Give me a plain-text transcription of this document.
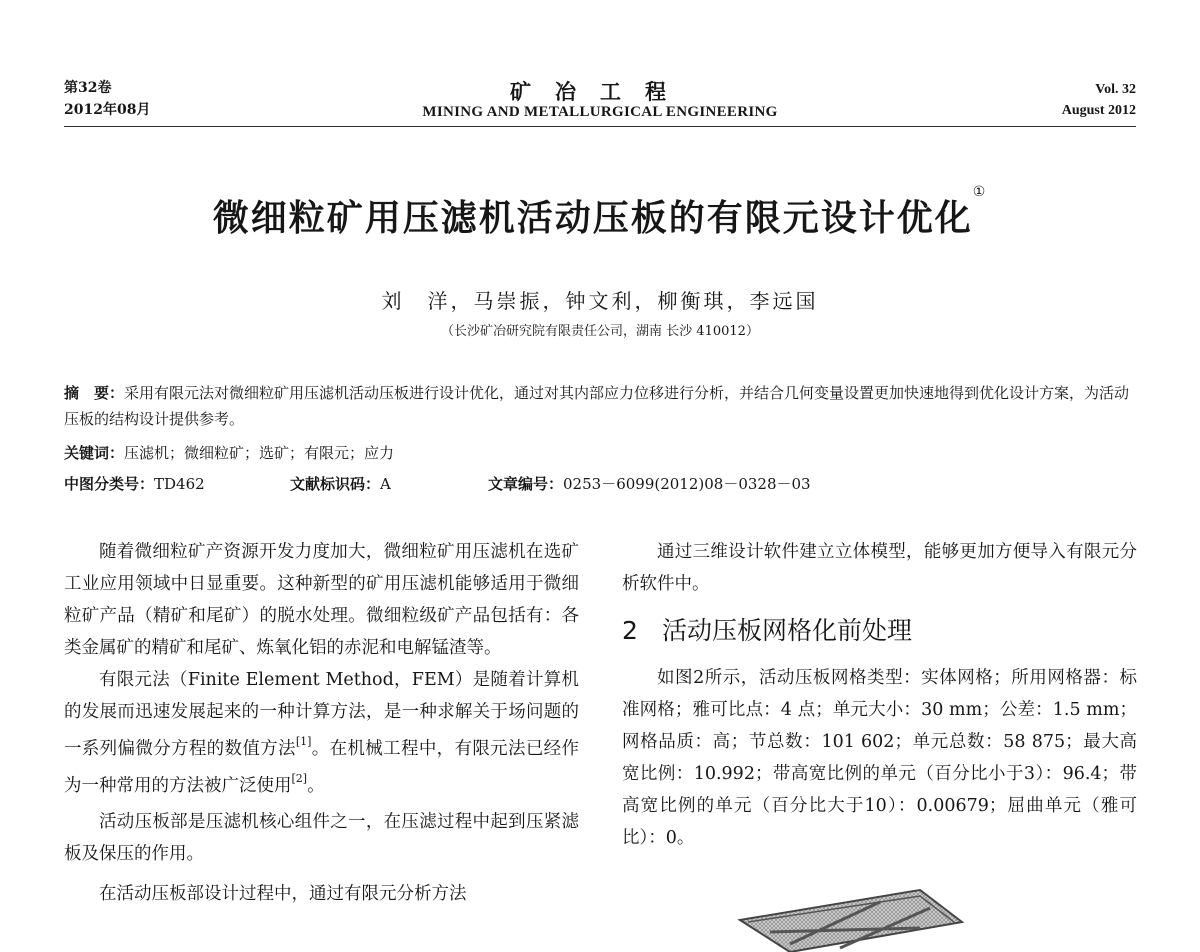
第32卷
2012年08月
矿冶工程
MINING AND METALLURGICAL ENGINEERING
Vol. 32
August 2012
微细粒矿用压滤机活动压板的有限元设计优化①
刘　洋，马崇振，钟文利，柳衡琪，李远国
（长沙矿冶研究院有限责任公司，湖南 长沙 410012）
摘　要：采用有限元法对微细粒矿用压滤机活动压板进行设计优化，通过对其内部应力位移进行分析，并结合几何变量设置更加快速地得到优化设计方案，为活动压板的结构设计提供参考。
关键词：压滤机；微细粒矿；选矿；有限元；应力
中图分类号：TD462	文献标识码：A	文章编号：0253－6099(2012)08－0328－03

随着微细粒矿产资源开发力度加大，微细粒矿用压滤机在选矿工业应用领域中日显重要。这种新型的矿用压滤机能够适用于微细粒矿产品（精矿和尾矿）的脱水处理。微细粒级矿产品包括有：各类金属矿的精矿和尾矿、炼氧化铝的赤泥和电解锰渣等。

有限元法（Finite Element Method，FEM）是随着计算机的发展而迅速发展起来的一种计算方法，是一种求解关于场问题的一系列偏微分方程的数值方法[1]。在机械工程中，有限元法已经作为一种常用的方法被广泛使用[2]。

活动压板部是压滤机核心组件之一，在压滤过程中起到压紧滤板及保压的作用。

在活动压板部设计过程中，通过有限元分析方法

通过三维设计软件建立立体模型，能够更加方便导入有限元分析软件中。

2 活动压板网格化前处理

如图2所示，活动压板网格类型：实体网格；所用网格器：标准网格；雅可比点：4 点；单元大小：30 mm；公差：1.5 mm；网格品质：高；节总数：101 602；单元总数：58 875；最大高宽比例：10.992；带高宽比例的单元（百分比小于3）：96.4；带高宽比例的单元（百分比大于10）：0.00679；屈曲单元（雅可比）：0。
